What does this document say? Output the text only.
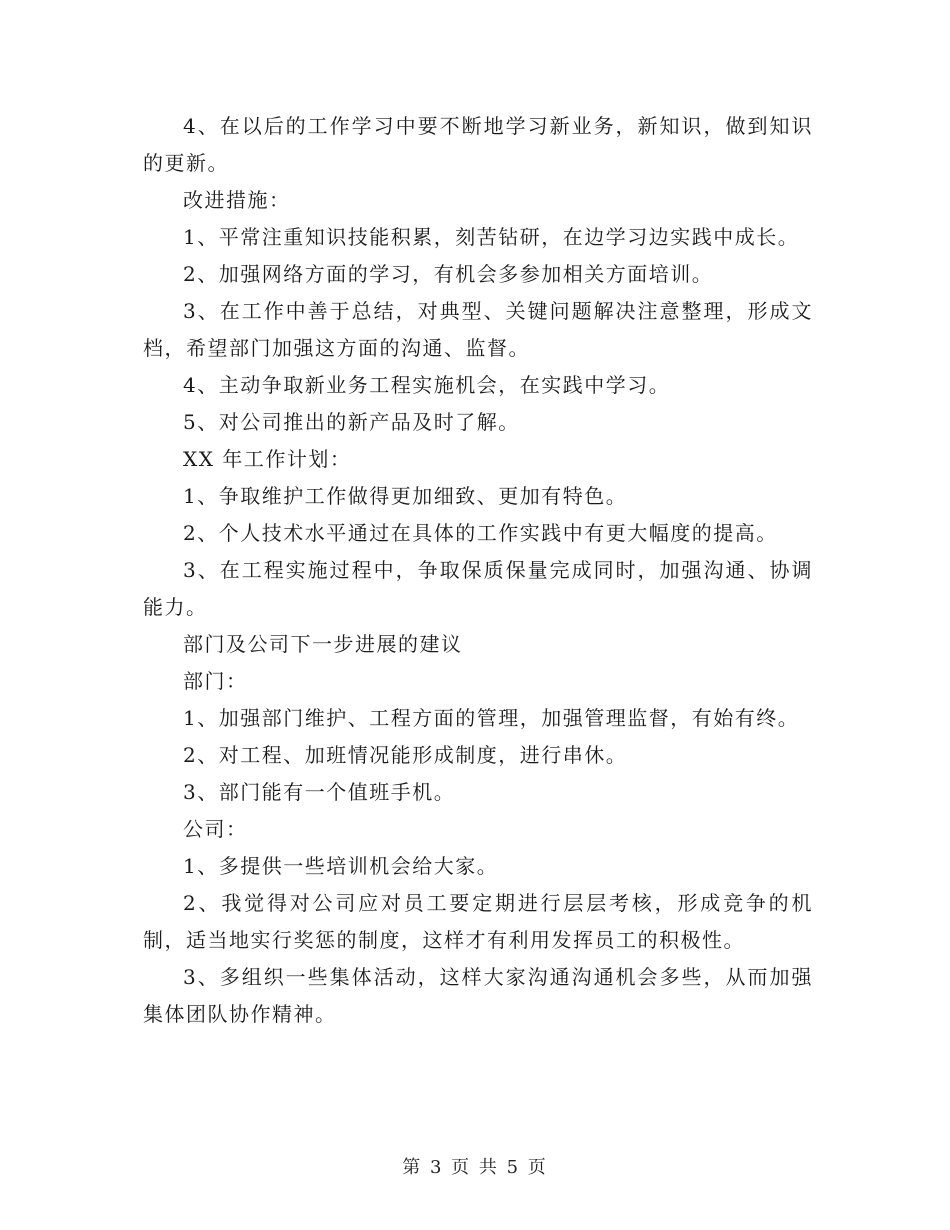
4、在以后的工作学习中要不断地学习新业务，新知识，做到知识的更新。

改进措施：

1、平常注重知识技能积累，刻苦钻研，在边学习边实践中成长。

2、加强网络方面的学习，有机会多参加相关方面培训。

3、在工作中善于总结，对典型、关键问题解决注意整理，形成文档，希望部门加强这方面的沟通、监督。

4、主动争取新业务工程实施机会，在实践中学习。

5、对公司推出的新产品及时了解。

XX 年工作计划：

1、争取维护工作做得更加细致、更加有特色。

2、个人技术水平通过在具体的工作实践中有更大幅度的提高。

3、在工程实施过程中，争取保质保量完成同时，加强沟通、协调能力。

部门及公司下一步进展的建议

部门：

1、加强部门维护、工程方面的管理，加强管理监督，有始有终。

2、对工程、加班情况能形成制度，进行串休。

3、部门能有一个值班手机。

公司：

1、多提供一些培训机会给大家。

2、我觉得对公司应对员工要定期进行层层考核，形成竞争的机制，适当地实行奖惩的制度，这样才有利用发挥员工的积极性。

3、多组织一些集体活动，这样大家沟通沟通机会多些，从而加强集体团队协作精神。

第 3 页 共 5 页
